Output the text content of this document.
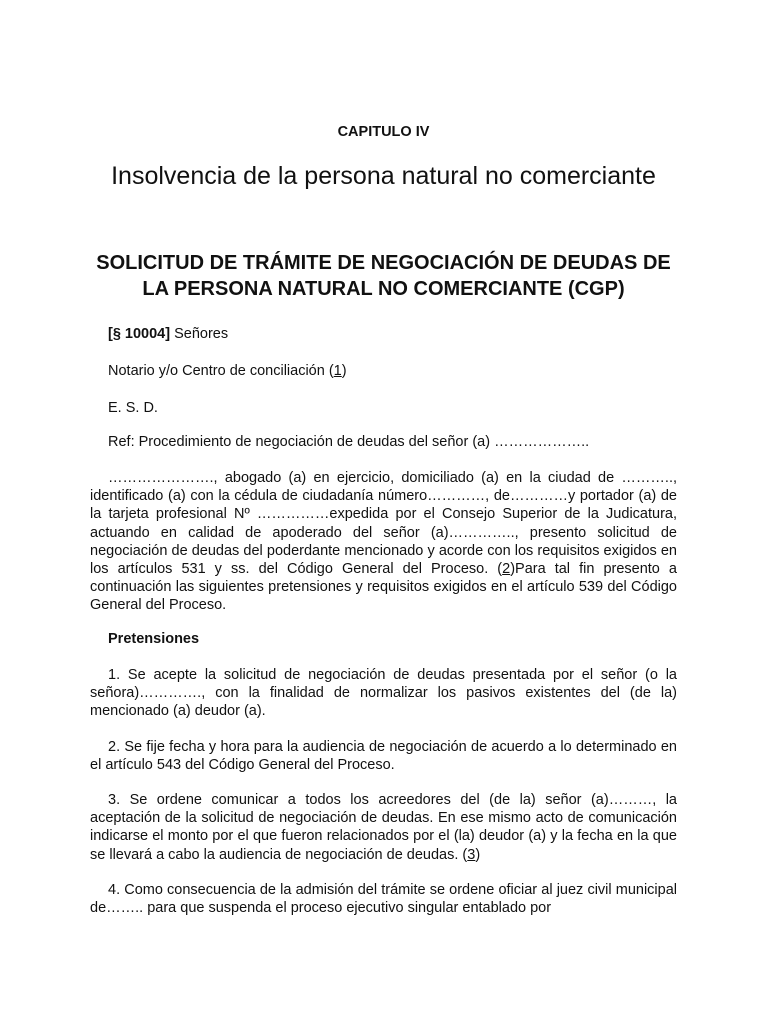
CAPITULO IV
Insolvencia de la persona natural no comerciante
SOLICITUD DE TRÁMITE DE NEGOCIACIÓN DE DEUDAS DE LA PERSONA NATURAL NO COMERCIANTE (CGP)
[§ 10004] Señores
Notario y/o Centro de conciliación (1)
E. S. D.
Ref: Procedimiento de negociación de deudas del señor (a) ………………..
…………………., abogado (a) en ejercicio, domiciliado (a) en la ciudad de ……….., identificado (a) con la cédula de ciudadanía número…………, de…………y portador (a) de la tarjeta profesional Nº ……………expedida por el Consejo Superior de la Judicatura, actuando en calidad de apoderado del señor (a)………….., presento solicitud de negociación de deudas del poderdante mencionado y acorde con los requisitos exigidos en los artículos 531 y ss. del Código General del Proceso. (2)Para tal fin presento a continuación las siguientes pretensiones y requisitos exigidos en el artículo 539 del Código General del Proceso.
Pretensiones
1. Se acepte la solicitud de negociación de deudas presentada por el señor (o la señora)…………., con la finalidad de normalizar los pasivos existentes del (de la) mencionado (a) deudor (a).
2. Se fije fecha y hora para la audiencia de negociación de acuerdo a lo determinado en el artículo 543 del Código General del Proceso.
3. Se ordene comunicar a todos los acreedores del (de la) señor (a)………, la aceptación de la solicitud de negociación de deudas. En ese mismo acto de comunicación indicarse el monto por el que fueron relacionados por el (la) deudor (a) y la fecha en la que se llevará a cabo la audiencia de negociación de deudas. (3)
4. Como consecuencia de la admisión del trámite se ordene oficiar al juez civil municipal de…….. para que suspenda el proceso ejecutivo singular entablado por
